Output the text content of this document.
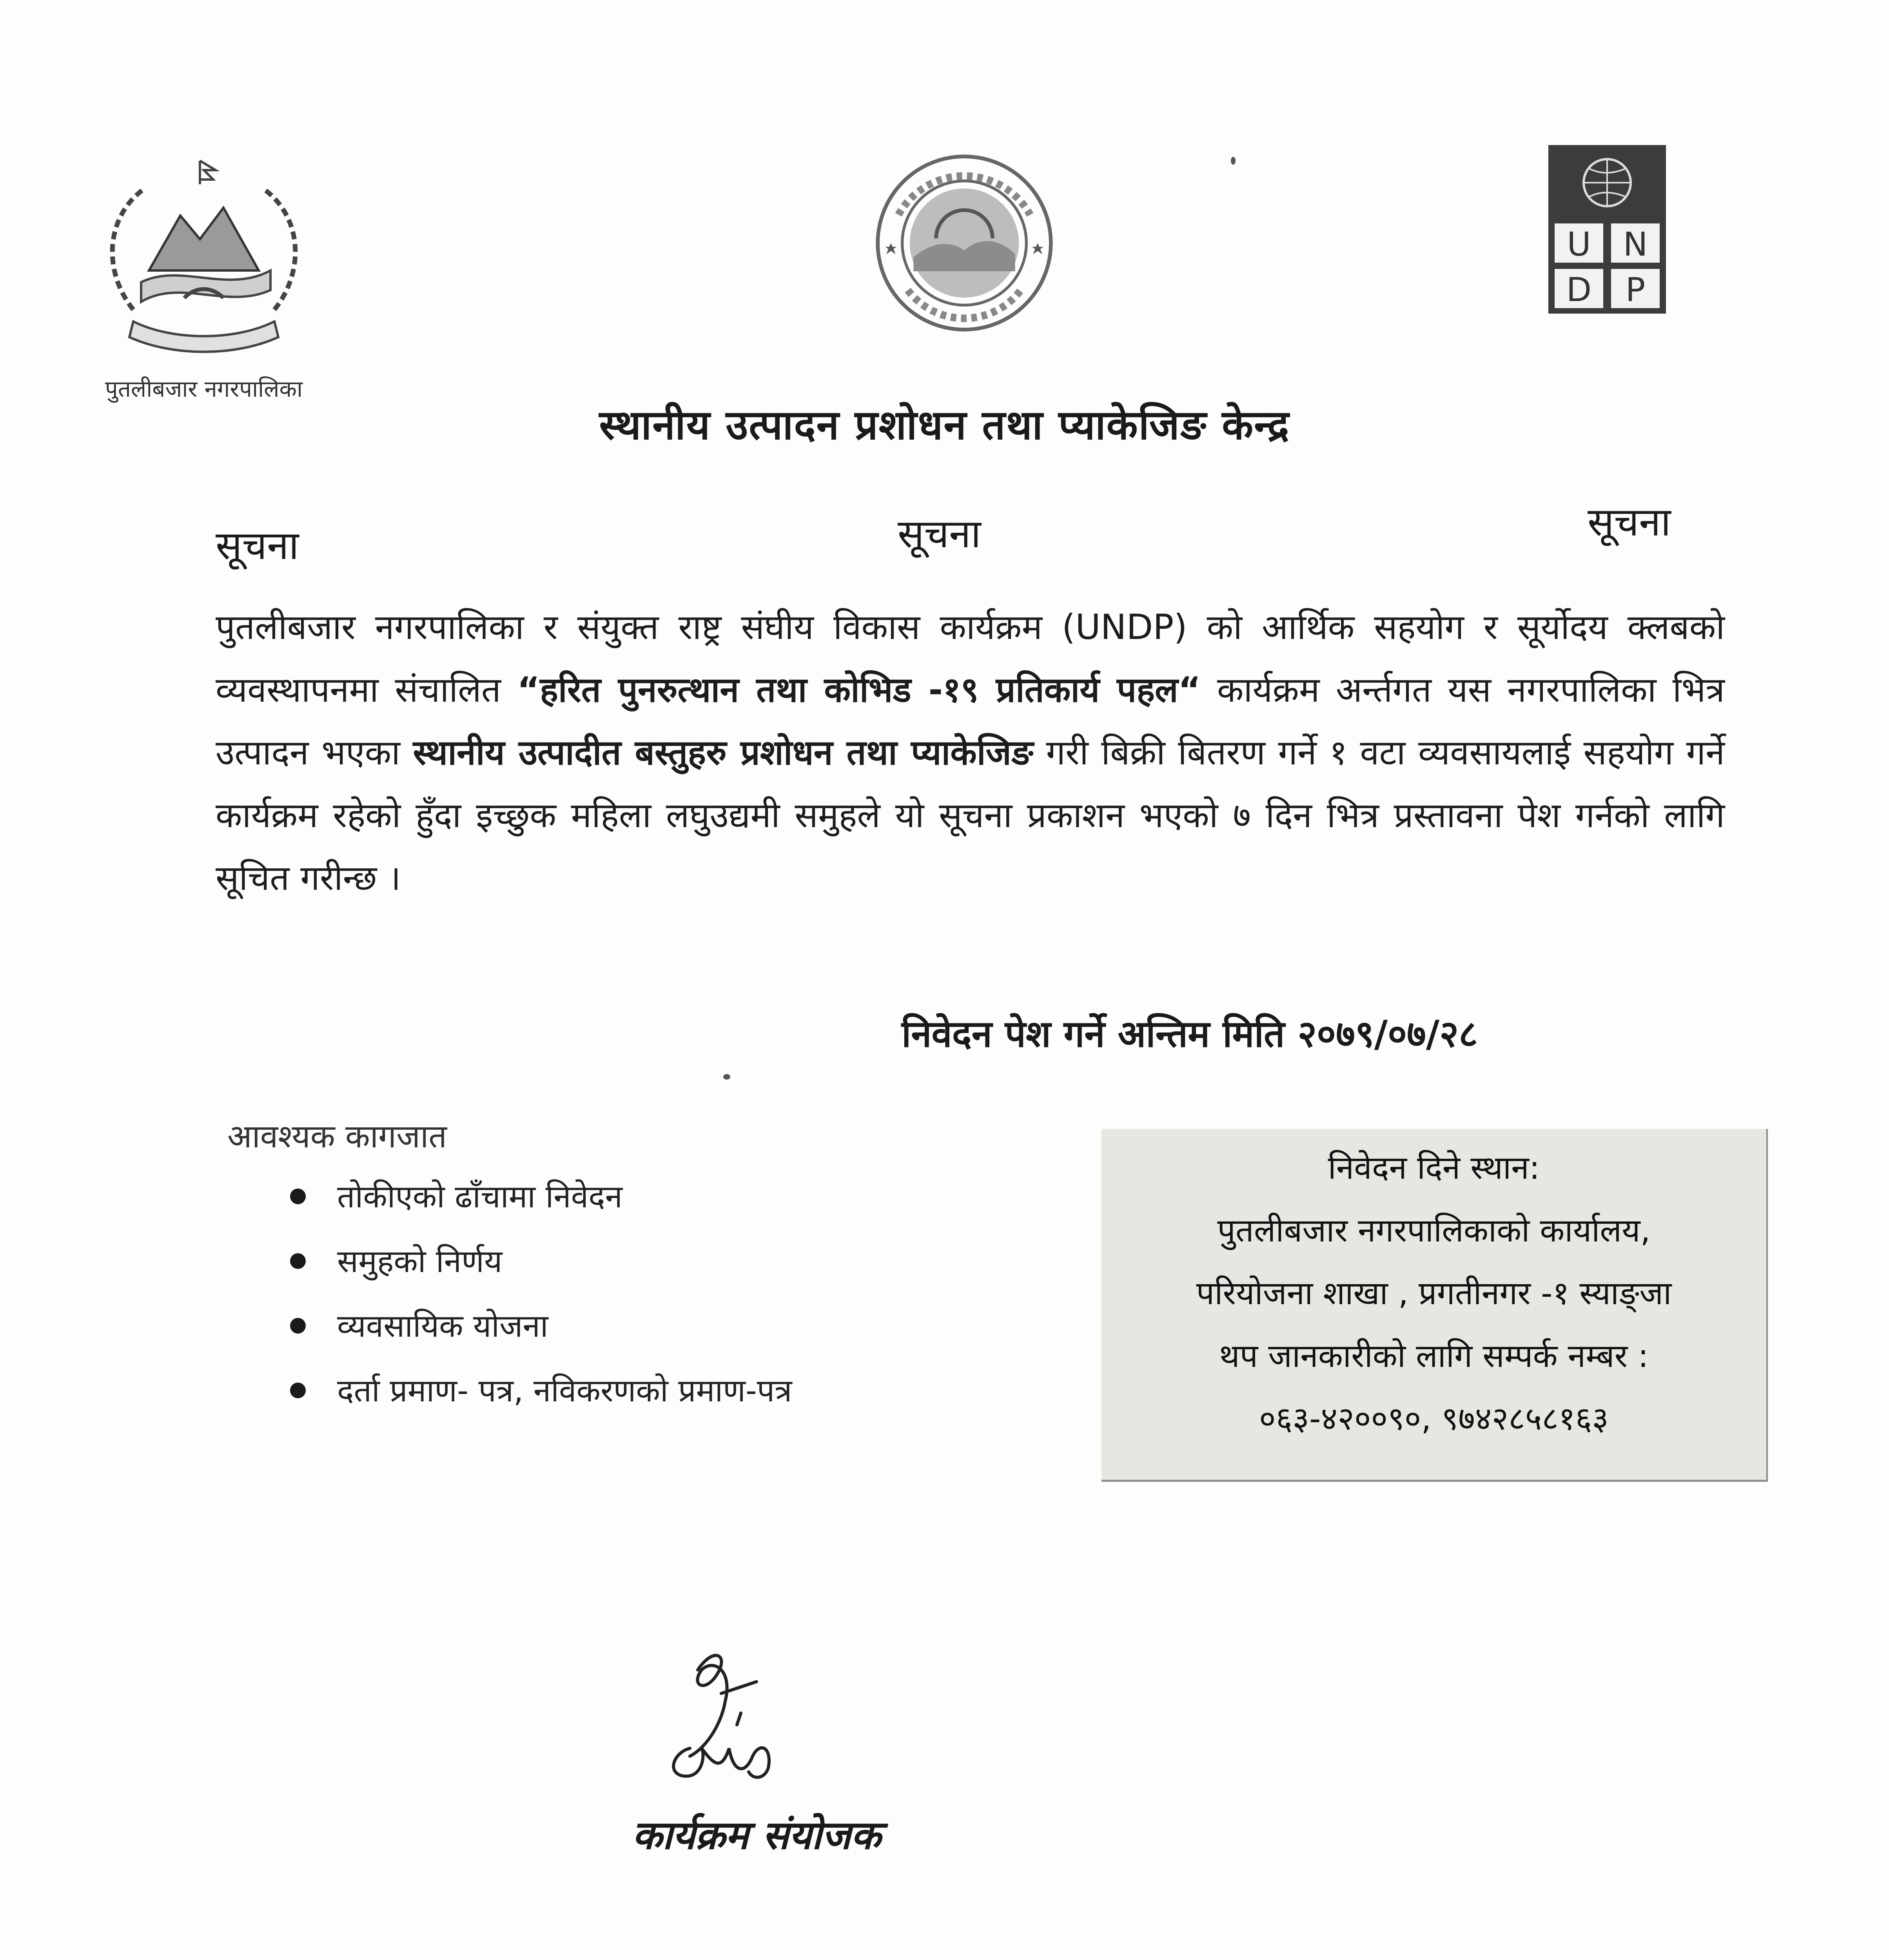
पुतलीबजार नगरपालिका
U N
D P
स्थानीय उत्पादन प्रशोधन तथा प्याकेजिङ केन्द्र
सूचना	सूचना	सूचना
पुतलीबजार नगरपालिका र संयुक्त राष्ट्र संघीय विकास कार्यक्रम (UNDP) को आर्थिक सहयोग र सूर्योदय क्लबको व्यवस्थापनमा संचालित “हरित पुनरुत्थान तथा कोभिड -१९ प्रतिकार्य पहल“ कार्यक्रम अर्न्तगत यस नगरपालिका भित्र उत्पादन भएका स्थानीय उत्पादीत बस्तुहरु प्रशोधन तथा प्याकेजिङ गरी बिक्री बितरण गर्ने १ वटा व्यवसायलाई सहयोग गर्ने कार्यक्रम रहेको हुँदा इच्छुक महिला लघुउद्यमी समुहले यो सूचना प्रकाशन भएको ७ दिन भित्र प्रस्तावना पेश गर्नको लागि सूचित गरीन्छ ।
निवेदन पेश गर्ने अन्तिम मिति २०७९/०७/२८
आवश्यक कागजात
तोकीएको ढाँचामा निवेदन
समुहको निर्णय
व्यवसायिक योजना
दर्ता प्रमाण- पत्र, नविकरणको प्रमाण-पत्र
निवेदन दिने स्थान:
पुतलीबजार नगरपालिकाको कार्यालय,
परियोजना शाखा , प्रगतीनगर -१ स्याङ्जा
थप जानकारीको लागि सम्पर्क नम्बर :
०६३-४२००९०, ९७४२८५८१६३
कार्यक्रम संयोजक
